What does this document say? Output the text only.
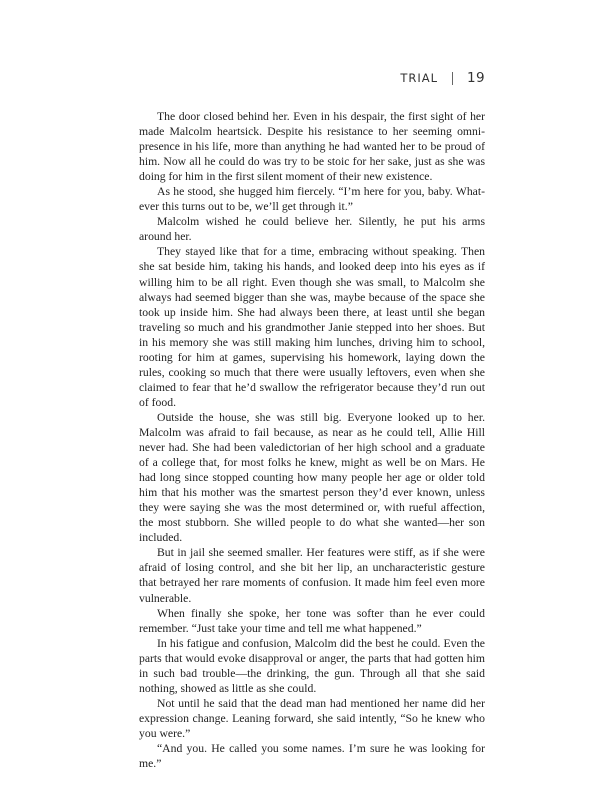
TRIAL 19

The door closed behind her. Even in his despair, the first sight of her made Malcolm heartsick. Despite his resistance to her seeming omni-presence in his life, more than anything he had wanted her to be proud of him. Now all he could do was try to be stoic for her sake, just as she was doing for him in the first silent moment of their new existence.

As he stood, she hugged him fiercely. “I’m here for you, baby. What-ever this turns out to be, we’ll get through it.”

Malcolm wished he could believe her. Silently, he put his arms around her.

They stayed like that for a time, embracing without speaking. Then she sat beside him, taking his hands, and looked deep into his eyes as if willing him to be all right. Even though she was small, to Malcolm she always had seemed bigger than she was, maybe because of the space she took up inside him. She had always been there, at least until she began traveling so much and his grandmother Janie stepped into her shoes. But in his memory she was still making him lunches, driving him to school, rooting for him at games, supervising his homework, laying down the rules, cooking so much that there were usually leftovers, even when she claimed to fear that he’d swallow the refrigerator because they’d run out of food.

Outside the house, she was still big. Everyone looked up to her. Malcolm was afraid to fail because, as near as he could tell, Allie Hill never had. She had been valedictorian of her high school and a graduate of a college that, for most folks he knew, might as well be on Mars. He had long since stopped counting how many people her age or older told him that his mother was the smartest person they’d ever known, unless they were saying she was the most determined or, with rueful affection, the most stubborn. She willed people to do what she wanted—her son included.

But in jail she seemed smaller. Her features were stiff, as if she were afraid of losing control, and she bit her lip, an uncharacteristic gesture that betrayed her rare moments of confusion. It made him feel even more vulnerable.

When finally she spoke, her tone was softer than he ever could remember. “Just take your time and tell me what happened.”

In his fatigue and confusion, Malcolm did the best he could. Even the parts that would evoke disapproval or anger, the parts that had gotten him in such bad trouble—the drinking, the gun. Through all that she said nothing, showed as little as she could.

Not until he said that the dead man had mentioned her name did her expression change. Leaning forward, she said intently, “So he knew who you were.”

“And you. He called you some names. I’m sure he was looking for me.”
